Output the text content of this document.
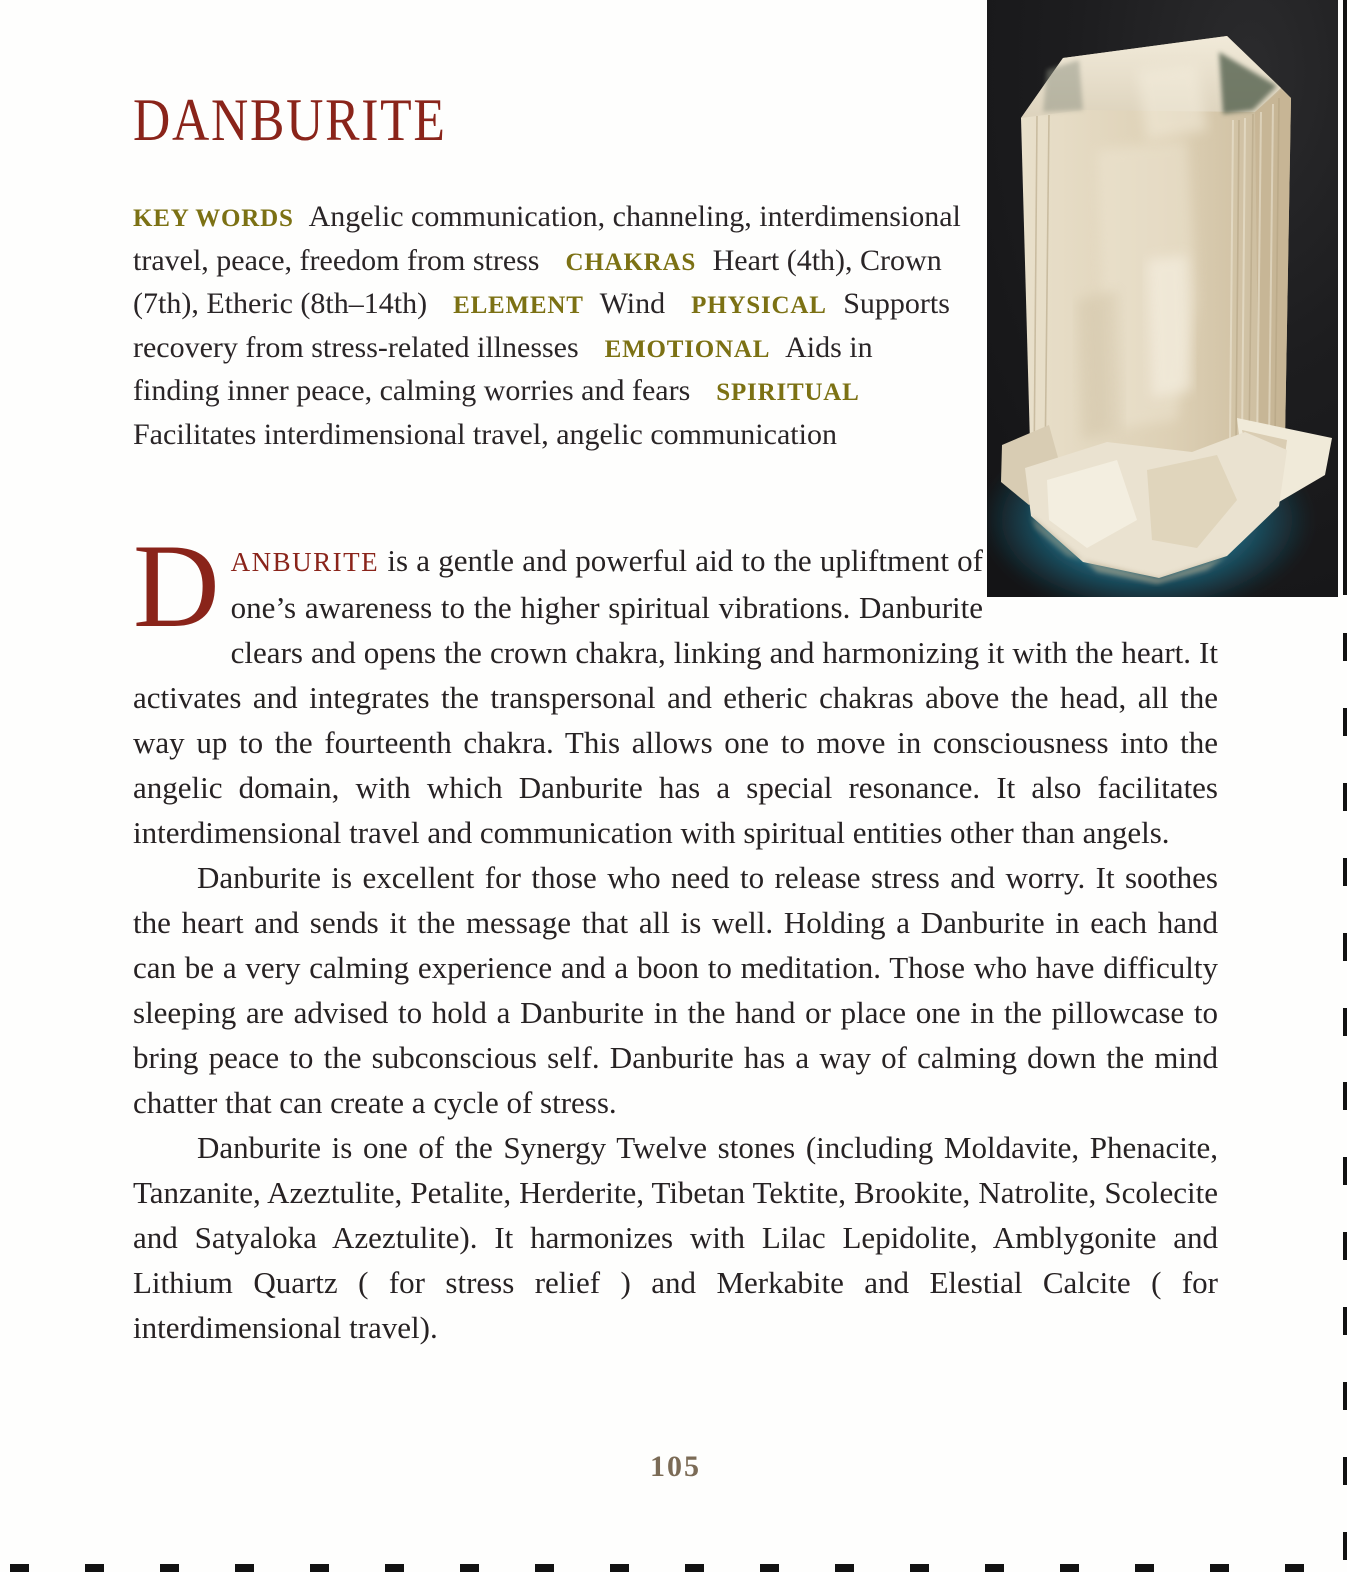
DANBURITE
KEY WORDS Angelic communication, channeling, interdimensional travel, peace, freedom from stress CHAKRAS Heart (4th), Crown (7th), Etheric (8th–14th) ELEMENT Wind PHYSICAL Supports recovery from stress-related illnesses EMOTIONAL Aids in finding inner peace, calming worries and fears SPIRITUAL Facilitates interdimensional travel, angelic communication

D ANBURITE is a gentle and powerful aid to the upliftment of one’s awareness to the higher spiritual vibrations. Danburite clears and opens the crown chakra, linking and harmonizing it with the heart. It activates and integrates the transpersonal and etheric chakras above the head, all the way up to the fourteenth chakra. This allows one to move in consciousness into the angelic domain, with which Danburite has a special resonance. It also facilitates interdimensional travel and communication with spiritual entities other than angels.

Danburite is excellent for those who need to release stress and worry. It soothes the heart and sends it the message that all is well. Holding a Danburite in each hand can be a very calming experience and a boon to meditation. Those who have difficulty sleeping are advised to hold a Danburite in the hand or place one in the pillowcase to bring peace to the subconscious self. Danburite has a way of calming down the mind chatter that can create a cycle of stress.

Danburite is one of the Synergy Twelve stones (including Moldavite, Phenacite, Tanzanite, Azeztulite, Petalite, Herderite, Tibetan Tektite, Brookite, Natrolite, Scolecite and Satyaloka Azeztulite). It harmonizes with Lilac Lepidolite, Amblygonite and Lithium Quartz ( for stress relief ) and Merkabite and Elestial Calcite ( for interdimensional travel).

105
